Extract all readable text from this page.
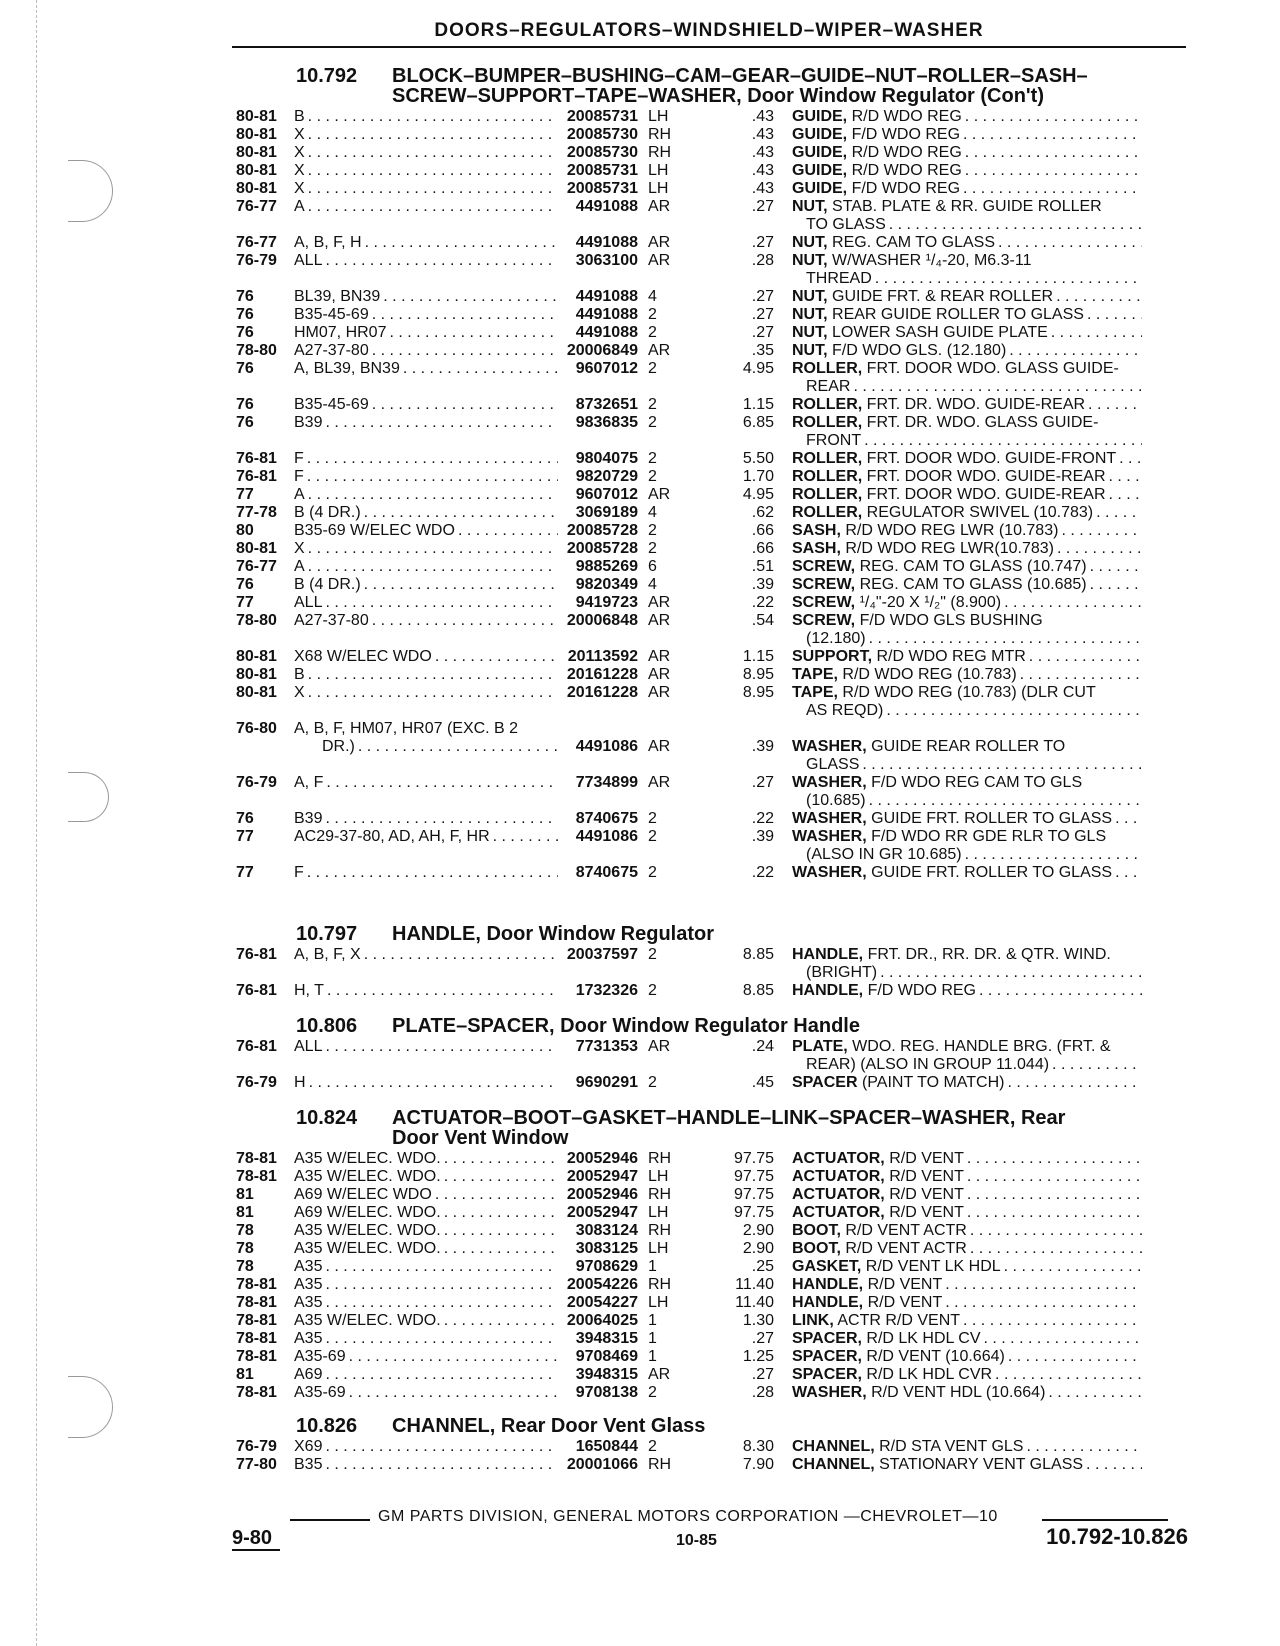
DOORS–REGULATORS–WINDSHIELD–WIPER–WASHER
10.792 BLOCK–BUMPER–BUSHING–CAM–GEAR–GUIDE–NUT–ROLLER–SASH–
SCREW–SUPPORT–TAPE–WASHER, Door Window Regulator (Con't)
80-81	B . . .	20085731 LH	.43 GUIDE, R/D WDO REG
. . .
80-81	X . . .	20085730 RH	.43 GUIDE, F/D WDO REG
. . .
80-81	X . . .	20085730 RH	.43 GUIDE, R/D WDO REG
. . .
80-81	X . . .	20085731 LH	.43 GUIDE, R/D WDO REG
. . .
80-81	X . . .	20085731 LH	.43 GUIDE, F/D WDO REG
. . .
76-77	A . . .	4491088 AR	.27 NUT, STAB. PLATE & RR. GUIDE ROLLER
TO GLASS
. . .
76-77	A, B, F, H . . .	4491088 AR	.27 NUT, REG. CAM TO GLASS
. . .
76-79	ALL . . .	3063100 AR	.28 NUT, W/WASHER ¹/₄-20, M6.3-11
THREAD
. . .
76	BL39, BN39 . . .	4491088 4	.27 NUT, GUIDE FRT. & REAR ROLLER
. . .
76	B35-45-69 . . .	4491088 2	.27 NUT, REAR GUIDE ROLLER TO GLASS
. . .
76	HM07, HR07 . . .	4491088 2	.27 NUT, LOWER SASH GUIDE PLATE
. . .
78-80	A27-37-80 . . .	20006849 AR	.35 NUT, F/D WDO GLS. (12.180)
. . .
76	A, BL39, BN39 . . .	9607012 2	4.95 ROLLER, FRT. DOOR WDO. GLASS GUIDE-
REAR
. . .
76	B35-45-69 . . .	8732651 2	1.15 ROLLER, FRT. DR. WDO. GUIDE-REAR
. . .
76	B39 . . .	9836835 2	6.85 ROLLER, FRT. DR. WDO. GLASS GUIDE-
FRONT
. . .
76-81	F . . .	9804075 2	5.50 ROLLER, FRT. DOOR WDO. GUIDE-FRONT
. . .
76-81	F . . .	9820729 2	1.70 ROLLER, FRT. DOOR WDO. GUIDE-REAR
. . .
77	A . . .	9607012 AR	4.95 ROLLER, FRT. DOOR WDO. GUIDE-REAR
. . .
77-78	B (4 DR.) . . .	3069189 4	.62 ROLLER, REGULATOR SWIVEL (10.783)
. . .
80	B35-69 W/ELEC WDO . . .	20085728 2	.66 SASH, R/D WDO REG LWR (10.783)
. . .
80-81	X . . .	20085728 2	.66 SASH, R/D WDO REG LWR(10.783)
. . .
76-77	A . . .	9885269 6	.51 SCREW, REG. CAM TO GLASS (10.747)
. . .
76	B (4 DR.) . . .	9820349 4	.39 SCREW, REG. CAM TO GLASS (10.685)
. . .
77	ALL . . .	9419723 AR	.22 SCREW, ¹/₄"-20 X ¹/₂" (8.900)
. . .
78-80	A27-37-80 . . .	20006848 AR	.54 SCREW, F/D WDO GLS BUSHING
(12.180)
. . .
80-81	X68 W/ELEC WDO . . .	20113592 AR	1.15 SUPPORT, R/D WDO REG MTR
. . .
80-81	B . . .	20161228 AR	8.95 TAPE, R/D WDO REG (10.783)
. . .
80-81	X . . .	20161228 AR	8.95 TAPE, R/D WDO REG (10.783) (DLR CUT
AS REQD)
. . .
76-80	A, B, F, HM07, HR07 (EXC. B 2
DR.) . . .	4491086 AR	.39 WASHER, GUIDE REAR ROLLER TO
GLASS
. . .
76-79	A, F . . .	7734899 AR	.27 WASHER, F/D WDO REG CAM TO GLS
(10.685)
. . .
76	B39 . . .	8740675 2	.22 WASHER, GUIDE FRT. ROLLER TO GLASS
. . .
77	AC29-37-80, AD, AH, F, HR . . .	4491086 2	.39 WASHER, F/D WDO RR GDE RLR TO GLS
(ALSO IN GR 10.685)
. . .
77	F . . .	8740675 2	.22 WASHER, GUIDE FRT. ROLLER TO GLASS
. . .
10.797 HANDLE, Door Window Regulator
76-81	A, B, F, X . . .	20037597 2	8.85 HANDLE, FRT. DR., RR. DR. & QTR. WIND.
(BRIGHT)
. . .
76-81	H, T . . .	1732326 2	8.85 HANDLE, F/D WDO REG
. . .
10.806 PLATE–SPACER, Door Window Regulator Handle
76-81	ALL . . .	7731353 AR	.24 PLATE, WDO. REG. HANDLE BRG. (FRT. &
REAR) (ALSO IN GROUP 11.044)
. . .
76-79	H . . .	9690291 2	.45 SPACER (PAINT TO MATCH)
. . .
10.824 ACTUATOR–BOOT–GASKET–HANDLE–LINK–SPACER–WASHER, Rear
Door Vent Window
78-81	A35 W/ELEC. WDO. . . .	20052946 RH	97.75 ACTUATOR, R/D VENT
. . .
78-81	A35 W/ELEC. WDO. . . .	20052947 LH	97.75 ACTUATOR, R/D VENT
. . .
81	A69 W/ELEC WDO . . .	20052946 RH	97.75 ACTUATOR, R/D VENT
. . .
81	A69 W/ELEC. WDO. . . .	20052947 LH	97.75 ACTUATOR, R/D VENT
. . .
78	A35 W/ELEC. WDO. . . .	3083124 RH	2.90 BOOT, R/D VENT ACTR
. . .
78	A35 W/ELEC. WDO. . . .	3083125 LH	2.90 BOOT, R/D VENT ACTR
. . .
78	A35 . . .	9708629 1	.25 GASKET, R/D VENT LK HDL
. . .
78-81	A35 . . .	20054226 RH	11.40 HANDLE, R/D VENT
. . .
78-81	A35 . . .	20054227 LH	11.40 HANDLE, R/D VENT
. . .
78-81	A35 W/ELEC. WDO. . . .	20064025 1	1.30 LINK, ACTR R/D VENT
. . .
78-81	A35 . . .	3948315 1	.27 SPACER, R/D LK HDL CV
. . .
78-81	A35-69 . . .	9708469 1	1.25 SPACER, R/D VENT (10.664)
. . .
81	A69 . . .	3948315 AR	.27 SPACER, R/D LK HDL CVR
. . .
78-81	A35-69 . . .	9708138 2	.28 WASHER, R/D VENT HDL (10.664)
. . .
10.826 CHANNEL, Rear Door Vent Glass
76-79	X69 . . .	1650844 2	8.30 CHANNEL, R/D STA VENT GLS
. . .
77-80	B35 . . .	20001066 RH	7.90 CHANNEL, STATIONARY VENT GLASS
. . .
GM PARTS DIVISION, GENERAL MOTORS CORPORATION —CHEVROLET—10
9-80	10-85	10.792-10.826
